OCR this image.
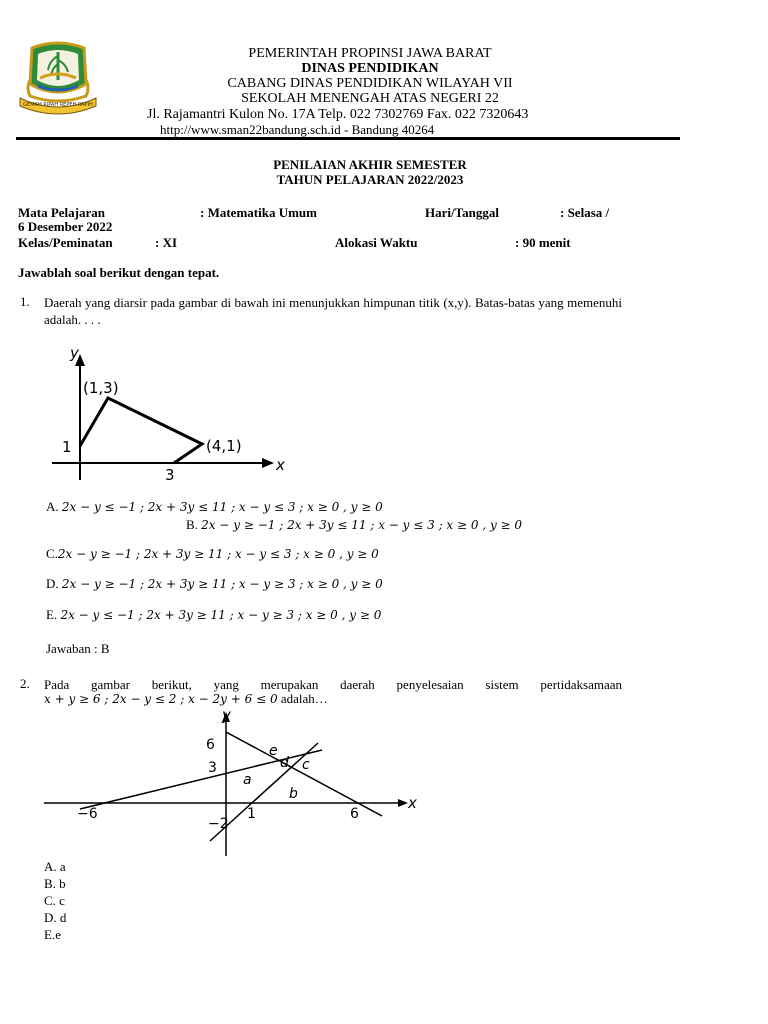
GEMAH RIPAH REPEH RAPIH
PEMERINTAH PROPINSI JAWA BARAT
DINAS PENDIDIKAN
CABANG DINAS PENDIDIKAN WILAYAH VII
SEKOLAH MENENGAH ATAS NEGERI 22
Jl. Rajamantri Kulon No. 17A Telp. 022 7302769 Fax. 022 7320643
http://www.sman22bandung.sch.id - Bandung 40264
PENILAIAN AKHIR SEMESTER
TAHUN PELAJARAN 2022/2023
Mata Pelajaran	: Matematika Umum	Hari/Tanggal	: Selasa /
6 Desember 2022
Kelas/Peminatan	: XI	Alokasi Waktu	: 90 menit
Jawablah soal berikut dengan tepat.
1. Daerah yang diarsir pada gambar di bawah ini menunjukkan himpunan titik (x,y). Batas-batas yang memenuhi adalah. . . .
y
x
(1,3)
(4,1)
1
3
A. 2x − y ≤ −1 ; 2x + 3y ≤ 11 ; x − y ≤ 3 ; x ≥ 0 , y ≥ 0
B. 2x − y ≥ −1 ; 2x + 3y ≤ 11 ; x − y ≤ 3 ; x ≥ 0 , y ≥ 0
C.2x − y ≥ −1 ; 2x + 3y ≥ 11 ; x − y ≤ 3 ; x ≥ 0 , y ≥ 0
D. 2x − y ≥ −1 ; 2x + 3y ≥ 11 ; x − y ≥ 3 ; x ≥ 0 , y ≥ 0
E. 2x − y ≤ −1 ; 2x + 3y ≥ 11 ; x − y ≥ 3 ; x ≥ 0 , y ≥ 0
Jawaban : B
2. Pada gambar berikut, yang merupakan daerah penyelesaian sistem pertidaksamaan
x + y ≥ 6 ; 2x − y ≤ 2 ; x − 2y + 6 ≤ 0 adalah…
y
x
6
3
−6
−2
1	6
a
b
c
d
e
A. a
B. b
C. c
D. d
E.e
